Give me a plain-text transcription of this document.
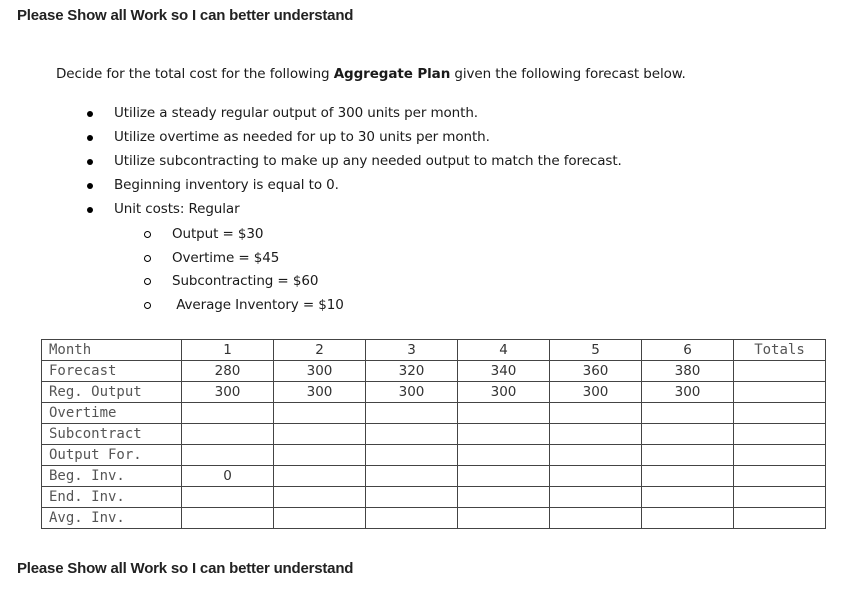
Please Show all Work so I can better understand
Decide for the total cost for the following Aggregate Plan given the following forecast below.
Utilize a steady regular output of 300 units per month.
Utilize overtime as needed for up to 30 units per month.
Utilize subcontracting to make up any needed output to match the forecast.
Beginning inventory is equal to 0.
Unit costs: Regular
Output = $30
Overtime = $45
Subcontracting = $60
Average Inventory = $10
Month	1	2	3	4	5	6	Totals
Forecast	280	300	320	340	360	380	
Reg. Output	300	300	300	300	300	300	
Overtime							
Subcontract							
Output For.							
Beg. Inv.	0						
End. Inv.							
Avg. Inv.							
Please Show all Work so I can better understand
